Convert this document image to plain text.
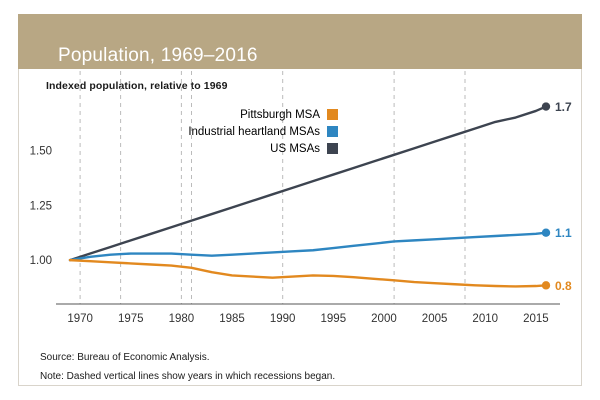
Population, 1969–2016
Indexed population, relative to 1969
1.00
1.25
1.50
1970 1975 1980 1985 1990 1995 2000 2005 2010 2015
1.7
1.1
0.8
Pittsburgh MSA
Industrial heartland MSAs
US MSAs
Source: Bureau of Economic Analysis.
Note: Dashed vertical lines show years in which recessions began.
